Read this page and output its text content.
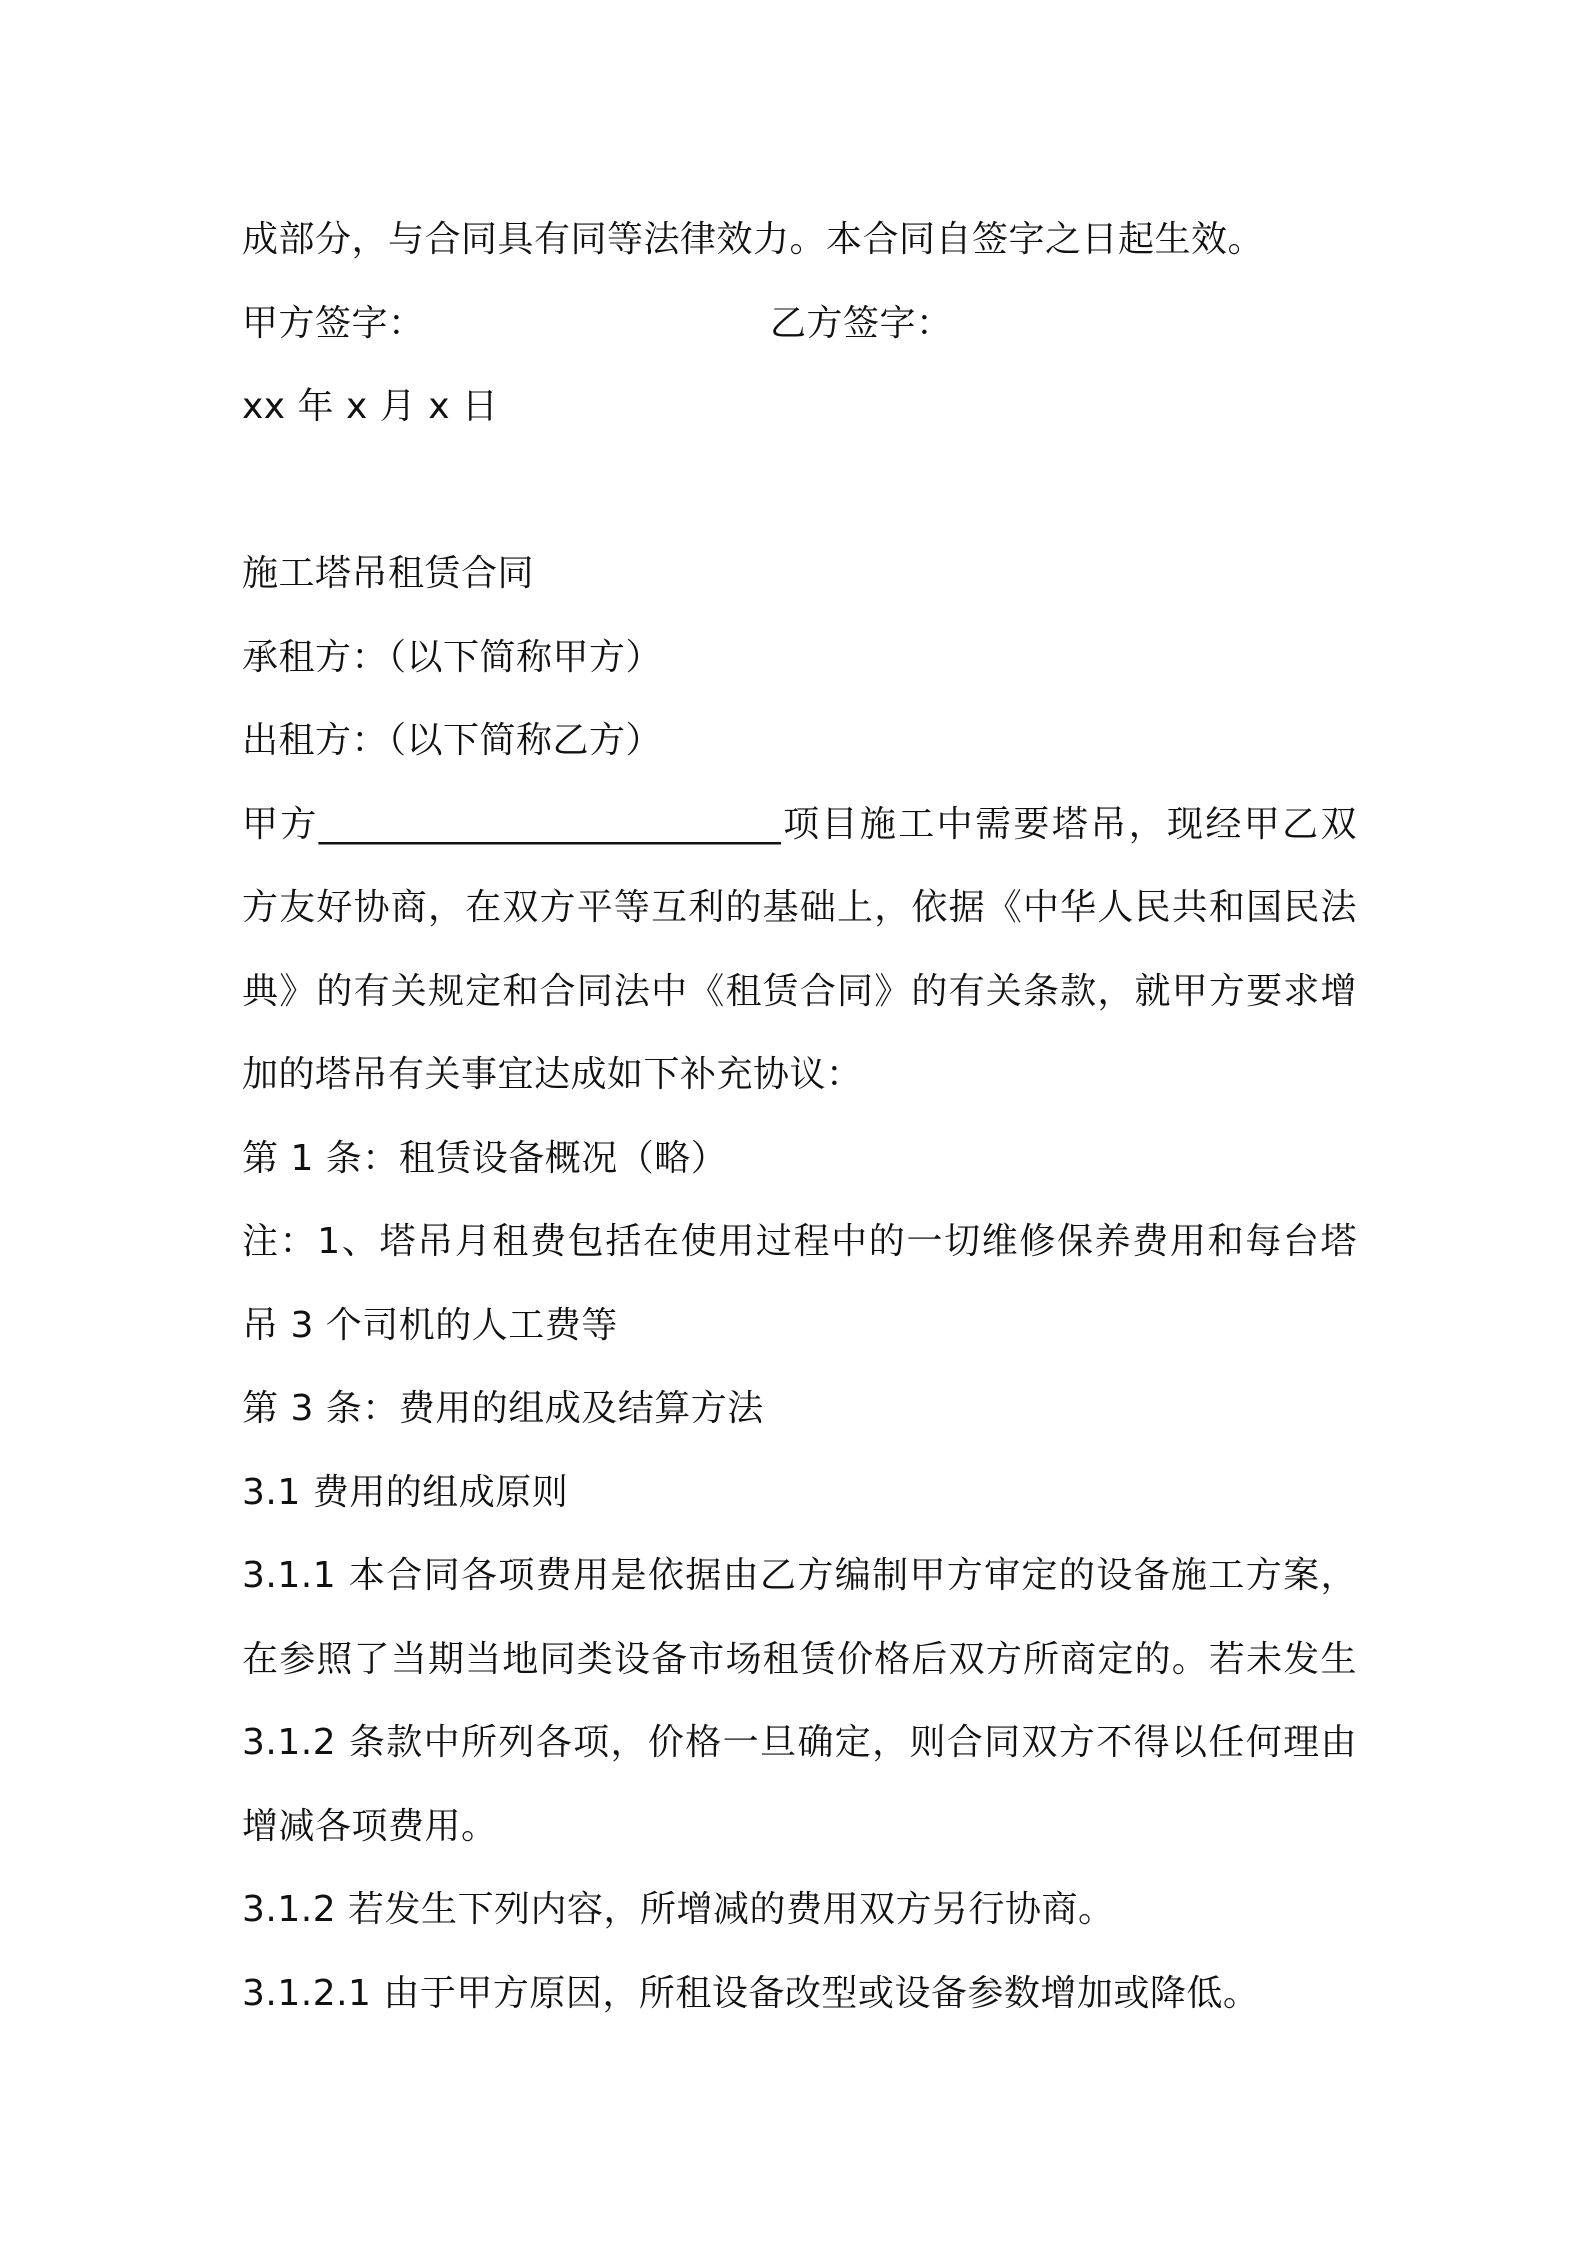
成部分，与合同具有同等法律效力。本合同自签字之日起生效。
甲方签字：	乙方签字：
xx 年 x 月 x 日
施工塔吊租赁合同
承租方：（以下简称甲方）
出租方：（以下简称乙方）
甲方_________________________项目施工中需要塔吊，现经甲乙双
方友好协商，在双方平等互利的基础上，依据《中华人民共和国民法
典》的有关规定和合同法中《租赁合同》的有关条款，就甲方要求增
加的塔吊有关事宜达成如下补充协议：
第 1 条：租赁设备概况（略）
注：1、塔吊月租费包括在使用过程中的一切维修保养费用和每台塔
吊 3 个司机的人工费等
第 3 条：费用的组成及结算方法
3.1 费用的组成原则
3.1.1 本合同各项费用是依据由乙方编制甲方审定的设备施工方案，
在参照了当期当地同类设备市场租赁价格后双方所商定的。若未发生
3.1.2 条款中所列各项，价格一旦确定，则合同双方不得以任何理由
增减各项费用。
3.1.2 若发生下列内容，所增减的费用双方另行协商。
3.1.2.1 由于甲方原因，所租设备改型或设备参数增加或降低。
